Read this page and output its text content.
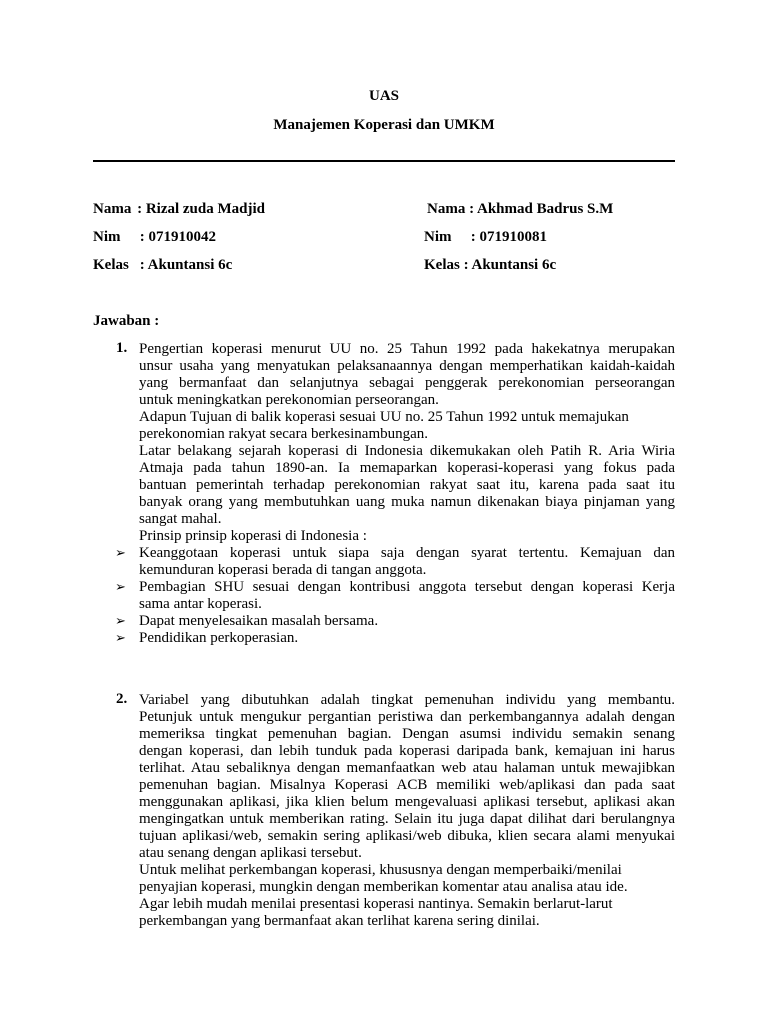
UAS
Manajemen Koperasi dan UMKM
Nama : Rizal zuda Madjid
Nim : 071910042
Kelas : Akuntansi 6c
Nama : Akhmad Badrus S.M
Nim : 071910081
Kelas : Akuntansi 6c
Jawaban :
1. Pengertian koperasi menurut UU no. 25 Tahun 1992 pada hakekatnya merupakan
unsur usaha yang menyatukan pelaksanaannya dengan memperhatikan kaidah-kaidah
yang bermanfaat dan selanjutnya sebagai penggerak perekonomian perseorangan
untuk meningkatkan perekonomian perseorangan.
Adapun Tujuan di balik koperasi sesuai UU no. 25 Tahun 1992 untuk memajukan
perekonomian rakyat secara berkesinambungan.
Latar belakang sejarah koperasi di Indonesia dikemukakan oleh Patih R. Aria Wiria
Atmaja pada tahun 1890-an. Ia memaparkan koperasi-koperasi yang fokus pada
bantuan pemerintah terhadap perekonomian rakyat saat itu, karena pada saat itu
banyak orang yang membutuhkan uang muka namun dikenakan biaya pinjaman yang
sangat mahal.
Prinsip prinsip koperasi di Indonesia :
Keanggotaan koperasi untuk siapa saja dengan syarat tertentu. Kemajuan dan
kemunduran koperasi berada di tangan anggota.
Pembagian SHU sesuai dengan kontribusi anggota tersebut dengan koperasi Kerja
sama antar koperasi.
Dapat menyelesaikan masalah bersama.
Pendidikan perkoperasian.
➢
➢
➢
➢
2. Variabel yang dibutuhkan adalah tingkat pemenuhan individu yang membantu.
Petunjuk untuk mengukur pergantian peristiwa dan perkembangannya adalah dengan
memeriksa tingkat pemenuhan bagian. Dengan asumsi individu semakin senang
dengan koperasi, dan lebih tunduk pada koperasi daripada bank, kemajuan ini harus
terlihat. Atau sebaliknya dengan memanfaatkan web atau halaman untuk mewajibkan
pemenuhan bagian. Misalnya Koperasi ACB memiliki web/aplikasi dan pada saat
menggunakan aplikasi, jika klien belum mengevaluasi aplikasi tersebut, aplikasi akan
mengingatkan untuk memberikan rating. Selain itu juga dapat dilihat dari berulangnya
tujuan aplikasi/web, semakin sering aplikasi/web dibuka, klien secara alami menyukai
atau senang dengan aplikasi tersebut.
Untuk melihat perkembangan koperasi, khususnya dengan memperbaiki/menilai
penyajian koperasi, mungkin dengan memberikan komentar atau analisa atau ide.
Agar lebih mudah menilai presentasi koperasi nantinya. Semakin berlarut-larut
perkembangan yang bermanfaat akan terlihat karena sering dinilai.
